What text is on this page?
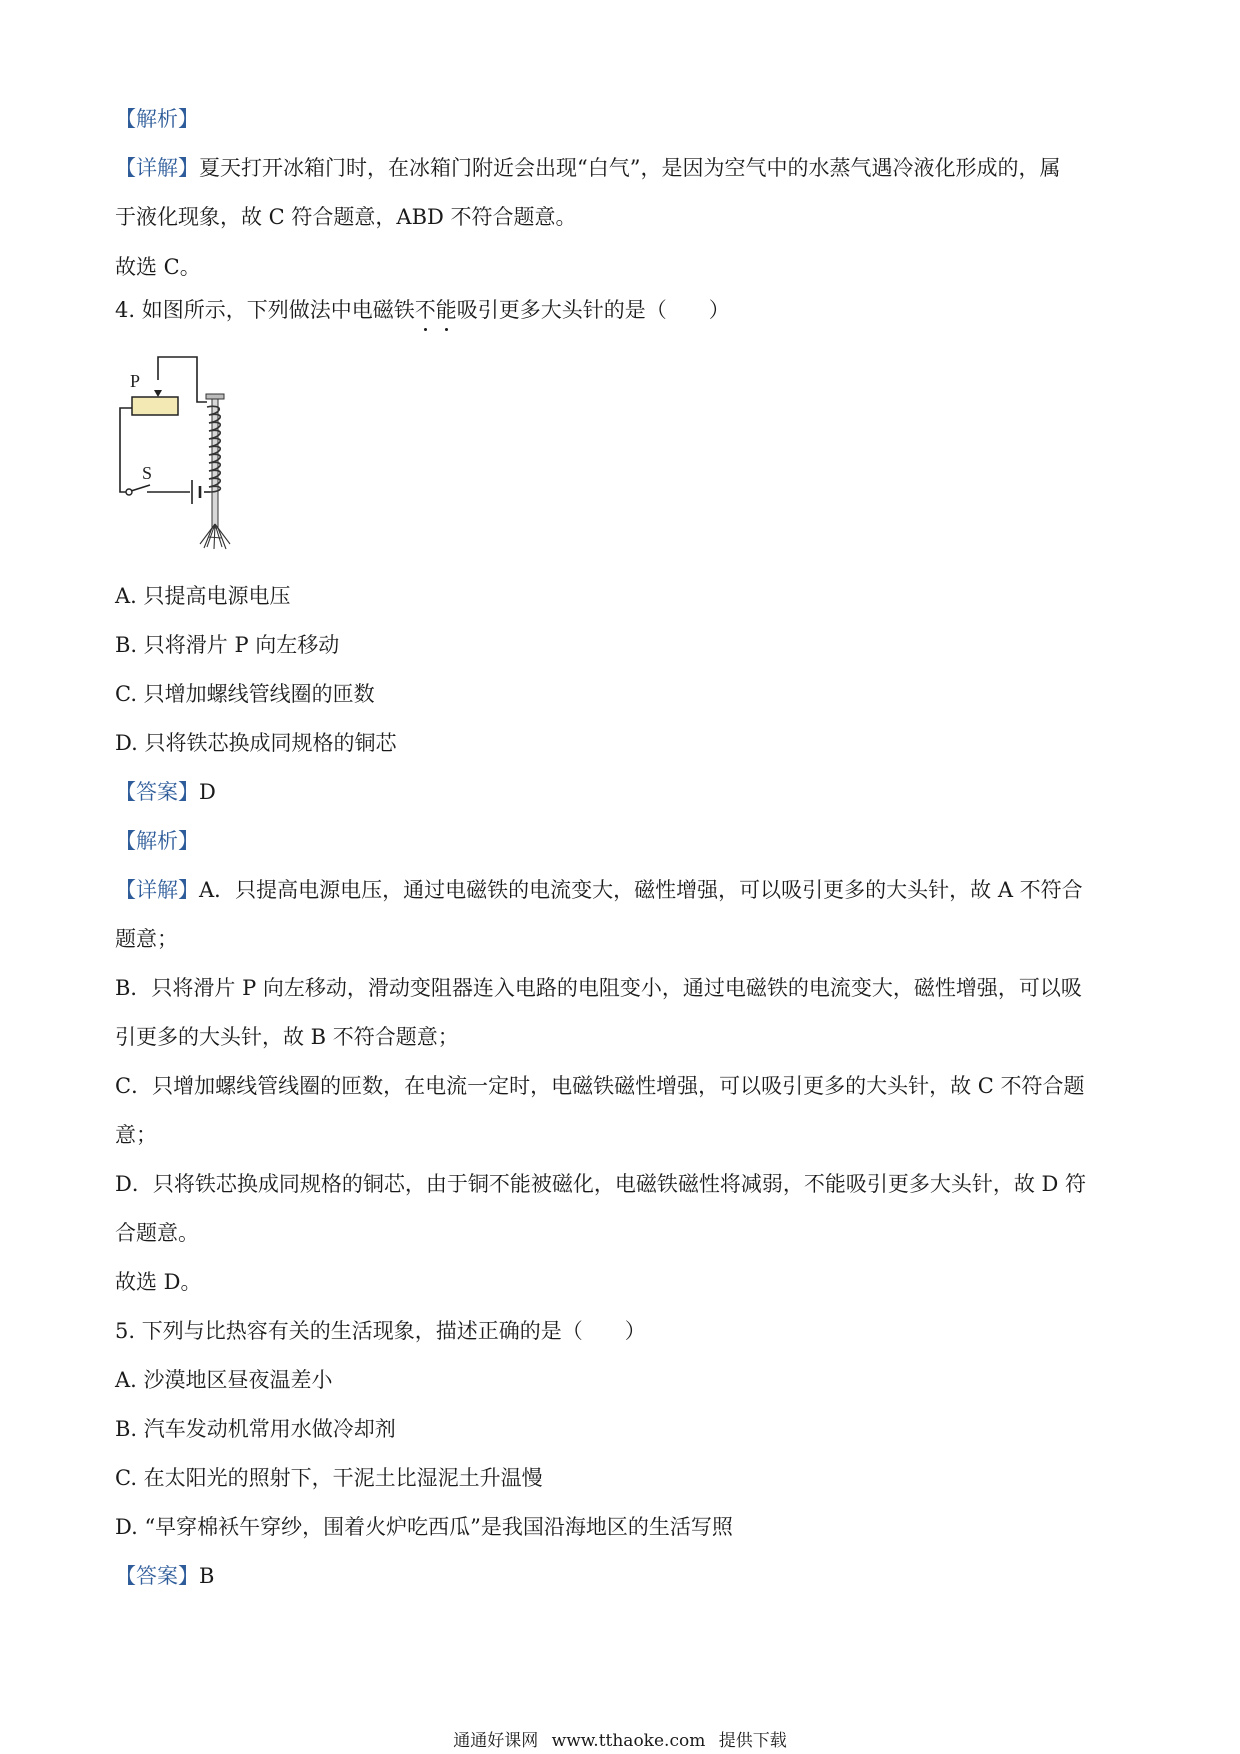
【解析】
【详解】夏天打开冰箱门时，在冰箱门附近会出现“白气”，是因为空气中的水蒸气遇冷液化形成的，属
于液化现象，故 C 符合题意，ABD 不符合题意。
故选 C。
4. 如图所示，下列做法中电磁铁不能吸引更多大头针的是（　　）
P
S
A. 只提高电源电压
B. 只将滑片 P 向左移动
C. 只增加螺线管线圈的匝数
D. 只将铁芯换成同规格的铜芯
【答案】D
【解析】
【详解】A．只提高电源电压，通过电磁铁的电流变大，磁性增强，可以吸引更多的大头针，故 A 不符合
题意；
B．只将滑片 P 向左移动，滑动变阻器连入电路的电阻变小，通过电磁铁的电流变大，磁性增强，可以吸
引更多的大头针，故 B 不符合题意；
C．只增加螺线管线圈的匝数，在电流一定时，电磁铁磁性增强，可以吸引更多的大头针，故 C 不符合题
意；
D．只将铁芯换成同规格的铜芯，由于铜不能被磁化，电磁铁磁性将减弱，不能吸引更多大头针，故 D 符
合题意。
故选 D。
5. 下列与比热容有关的生活现象，描述正确的是（　　）
A. 沙漠地区昼夜温差小
B. 汽车发动机常用水做冷却剂
C. 在太阳光的照射下，干泥土比湿泥土升温慢
D. “早穿棉袄午穿纱，围着火炉吃西瓜”是我国沿海地区的生活写照
【答案】B
通通好课网 www.tthaoke.com 提供下载
